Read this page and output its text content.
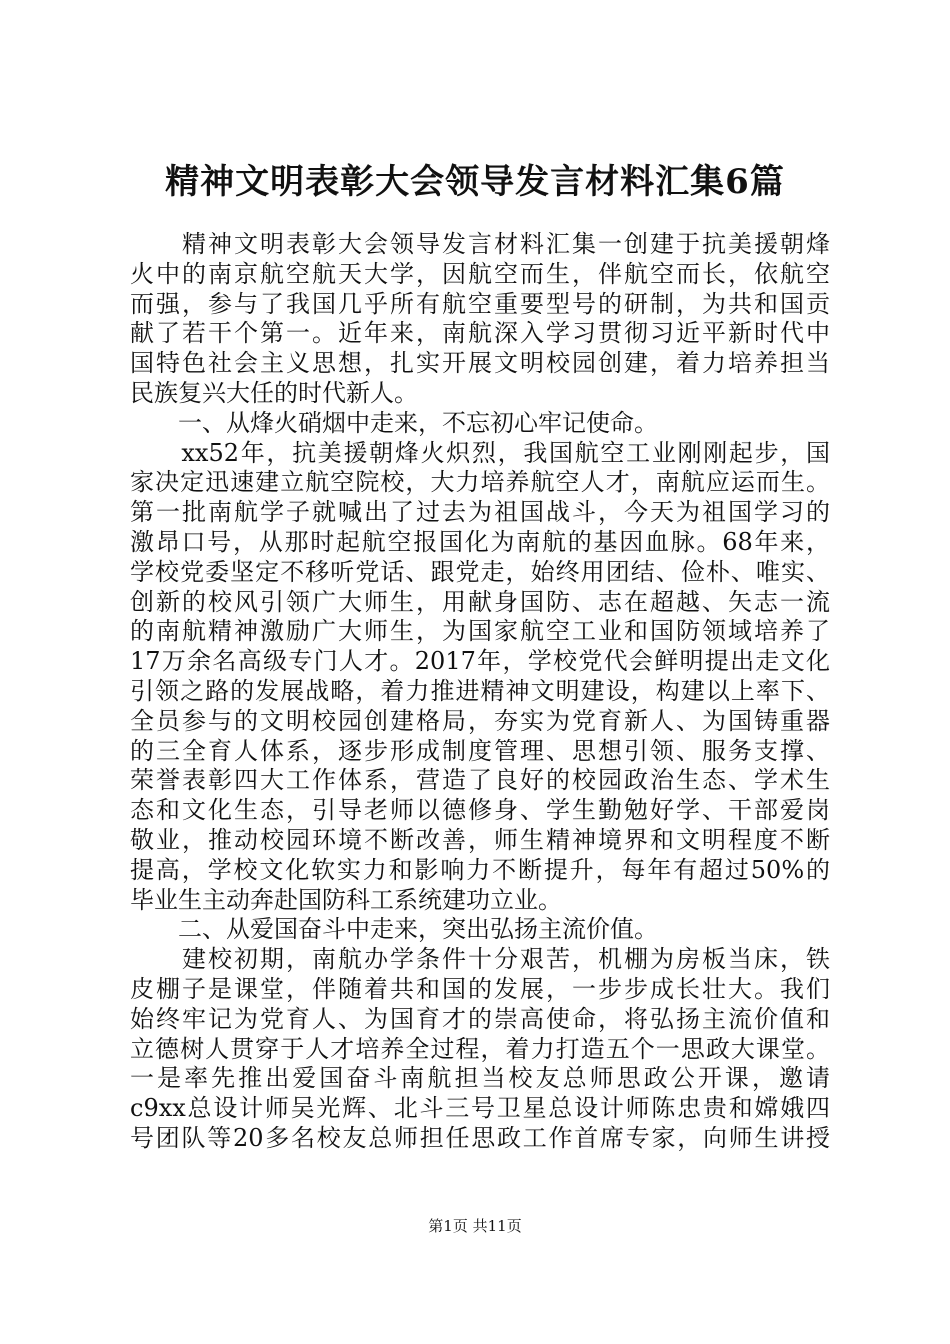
精神文明表彰大会领导发言材料汇集6篇
　　精神文明表彰大会领导发言材料汇集一创建于抗美援朝烽
火中的南京航空航天大学，因航空而生，伴航空而长，依航空
而强，参与了我国几乎所有航空重要型号的研制，为共和国贡
献了若干个第一。近年来，南航深入学习贯彻习近平新时代中
国特色社会主义思想，扎实开展文明校园创建，着力培养担当
民族复兴大任的时代新人。
　　一、从烽火硝烟中走来，不忘初心牢记使命。
　　xx52年，抗美援朝烽火炽烈，我国航空工业刚刚起步，国
家决定迅速建立航空院校，大力培养航空人才，南航应运而生。
第一批南航学子就喊出了过去为祖国战斗，今天为祖国学习的
激昂口号，从那时起航空报国化为南航的基因血脉。68年来，
学校党委坚定不移听党话、跟党走，始终用团结、俭朴、唯实、
创新的校风引领广大师生，用献身国防、志在超越、矢志一流
的南航精神激励广大师生，为国家航空工业和国防领域培养了
17万余名高级专门人才。2017年，学校党代会鲜明提出走文化
引领之路的发展战略，着力推进精神文明建设，构建以上率下、
全员参与的文明校园创建格局，夯实为党育新人、为国铸重器
的三全育人体系，逐步形成制度管理、思想引领、服务支撑、
荣誉表彰四大工作体系，营造了良好的校园政治生态、学术生
态和文化生态，引导老师以德修身、学生勤勉好学、干部爱岗
敬业，推动校园环境不断改善，师生精神境界和文明程度不断
提高，学校文化软实力和影响力不断提升，每年有超过50%的
毕业生主动奔赴国防科工系统建功立业。
　　二、从爱国奋斗中走来，突出弘扬主流价值。
　　建校初期，南航办学条件十分艰苦，机棚为房板当床，铁
皮棚子是课堂，伴随着共和国的发展，一步步成长壮大。我们
始终牢记为党育人、为国育才的崇高使命，将弘扬主流价值和
立德树人贯穿于人才培养全过程，着力打造五个一思政大课堂。
一是率先推出爱国奋斗南航担当校友总师思政公开课，邀请
c9xx总设计师吴光辉、北斗三号卫星总设计师陈忠贵和嫦娥四
号团队等20多名校友总师担任思政工作首席专家，向师生讲授
第1页 共11页
